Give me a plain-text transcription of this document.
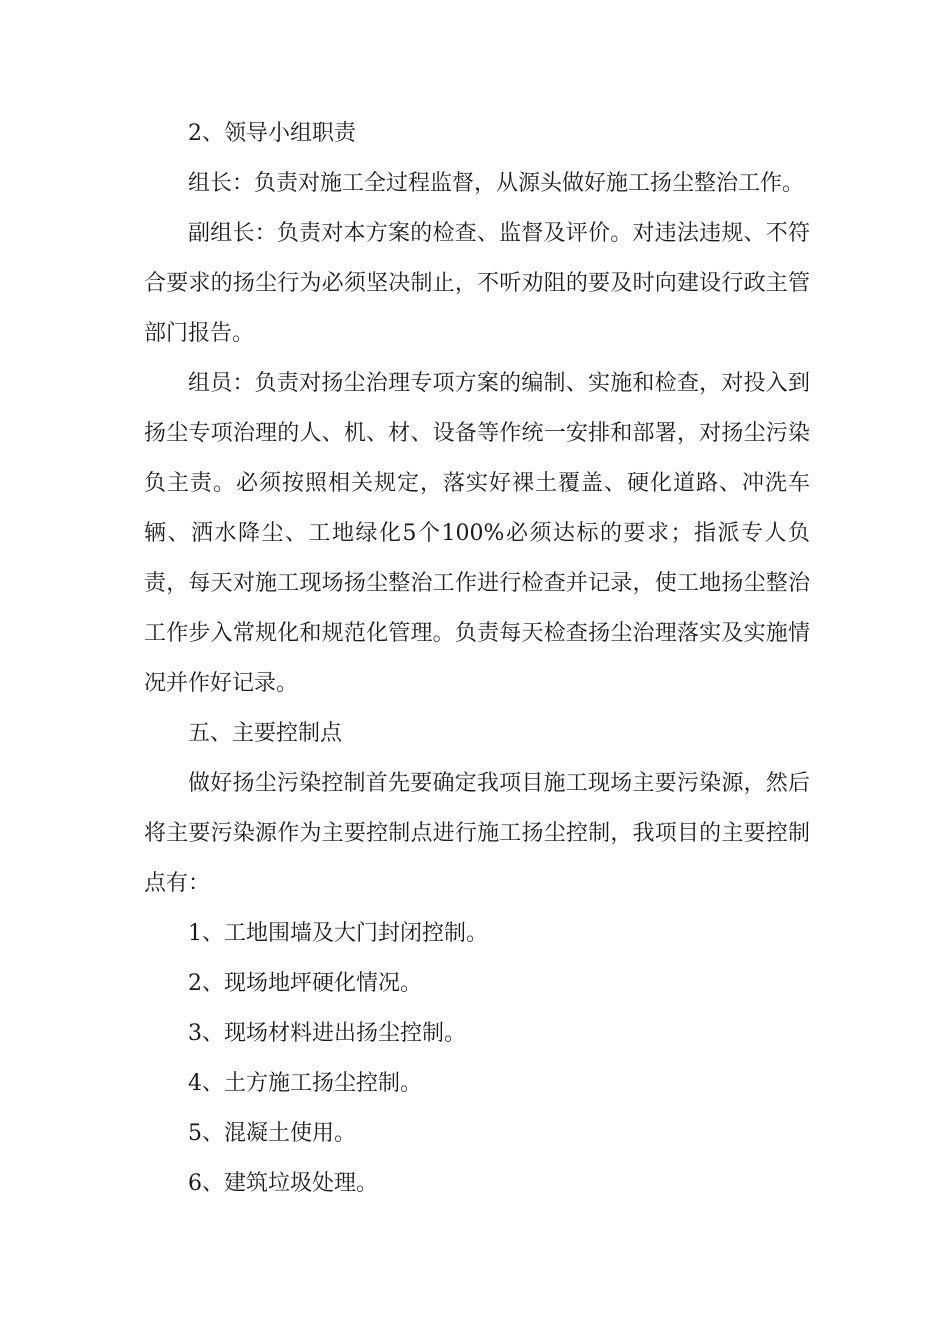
2、领导小组职责

组长：负责对施工全过程监督，从源头做好施工扬尘整治工作。

副组长：负责对本方案的检查、监督及评价。对违法违规、不符合要求的扬尘行为必须坚决制止，不听劝阻的要及时向建设行政主管部门报告。

组员：负责对扬尘治理专项方案的编制、实施和检查，对投入到扬尘专项治理的人、机、材、设备等作统一安排和部署，对扬尘污染负主责。必须按照相关规定，落实好裸土覆盖、硬化道路、冲洗车辆、洒水降尘、工地绿化5个100%必须达标的要求；指派专人负责，每天对施工现场扬尘整治工作进行检查并记录，使工地扬尘整治工作步入常规化和规范化管理。负责每天检查扬尘治理落实及实施情况并作好记录。

五、主要控制点

做好扬尘污染控制首先要确定我项目施工现场主要污染源，然后将主要污染源作为主要控制点进行施工扬尘控制，我项目的主要控制点有：

1、工地围墙及大门封闭控制。

2、现场地坪硬化情况。

3、现场材料进出扬尘控制。

4、土方施工扬尘控制。

5、混凝土使用。

6、建筑垃圾处理。
